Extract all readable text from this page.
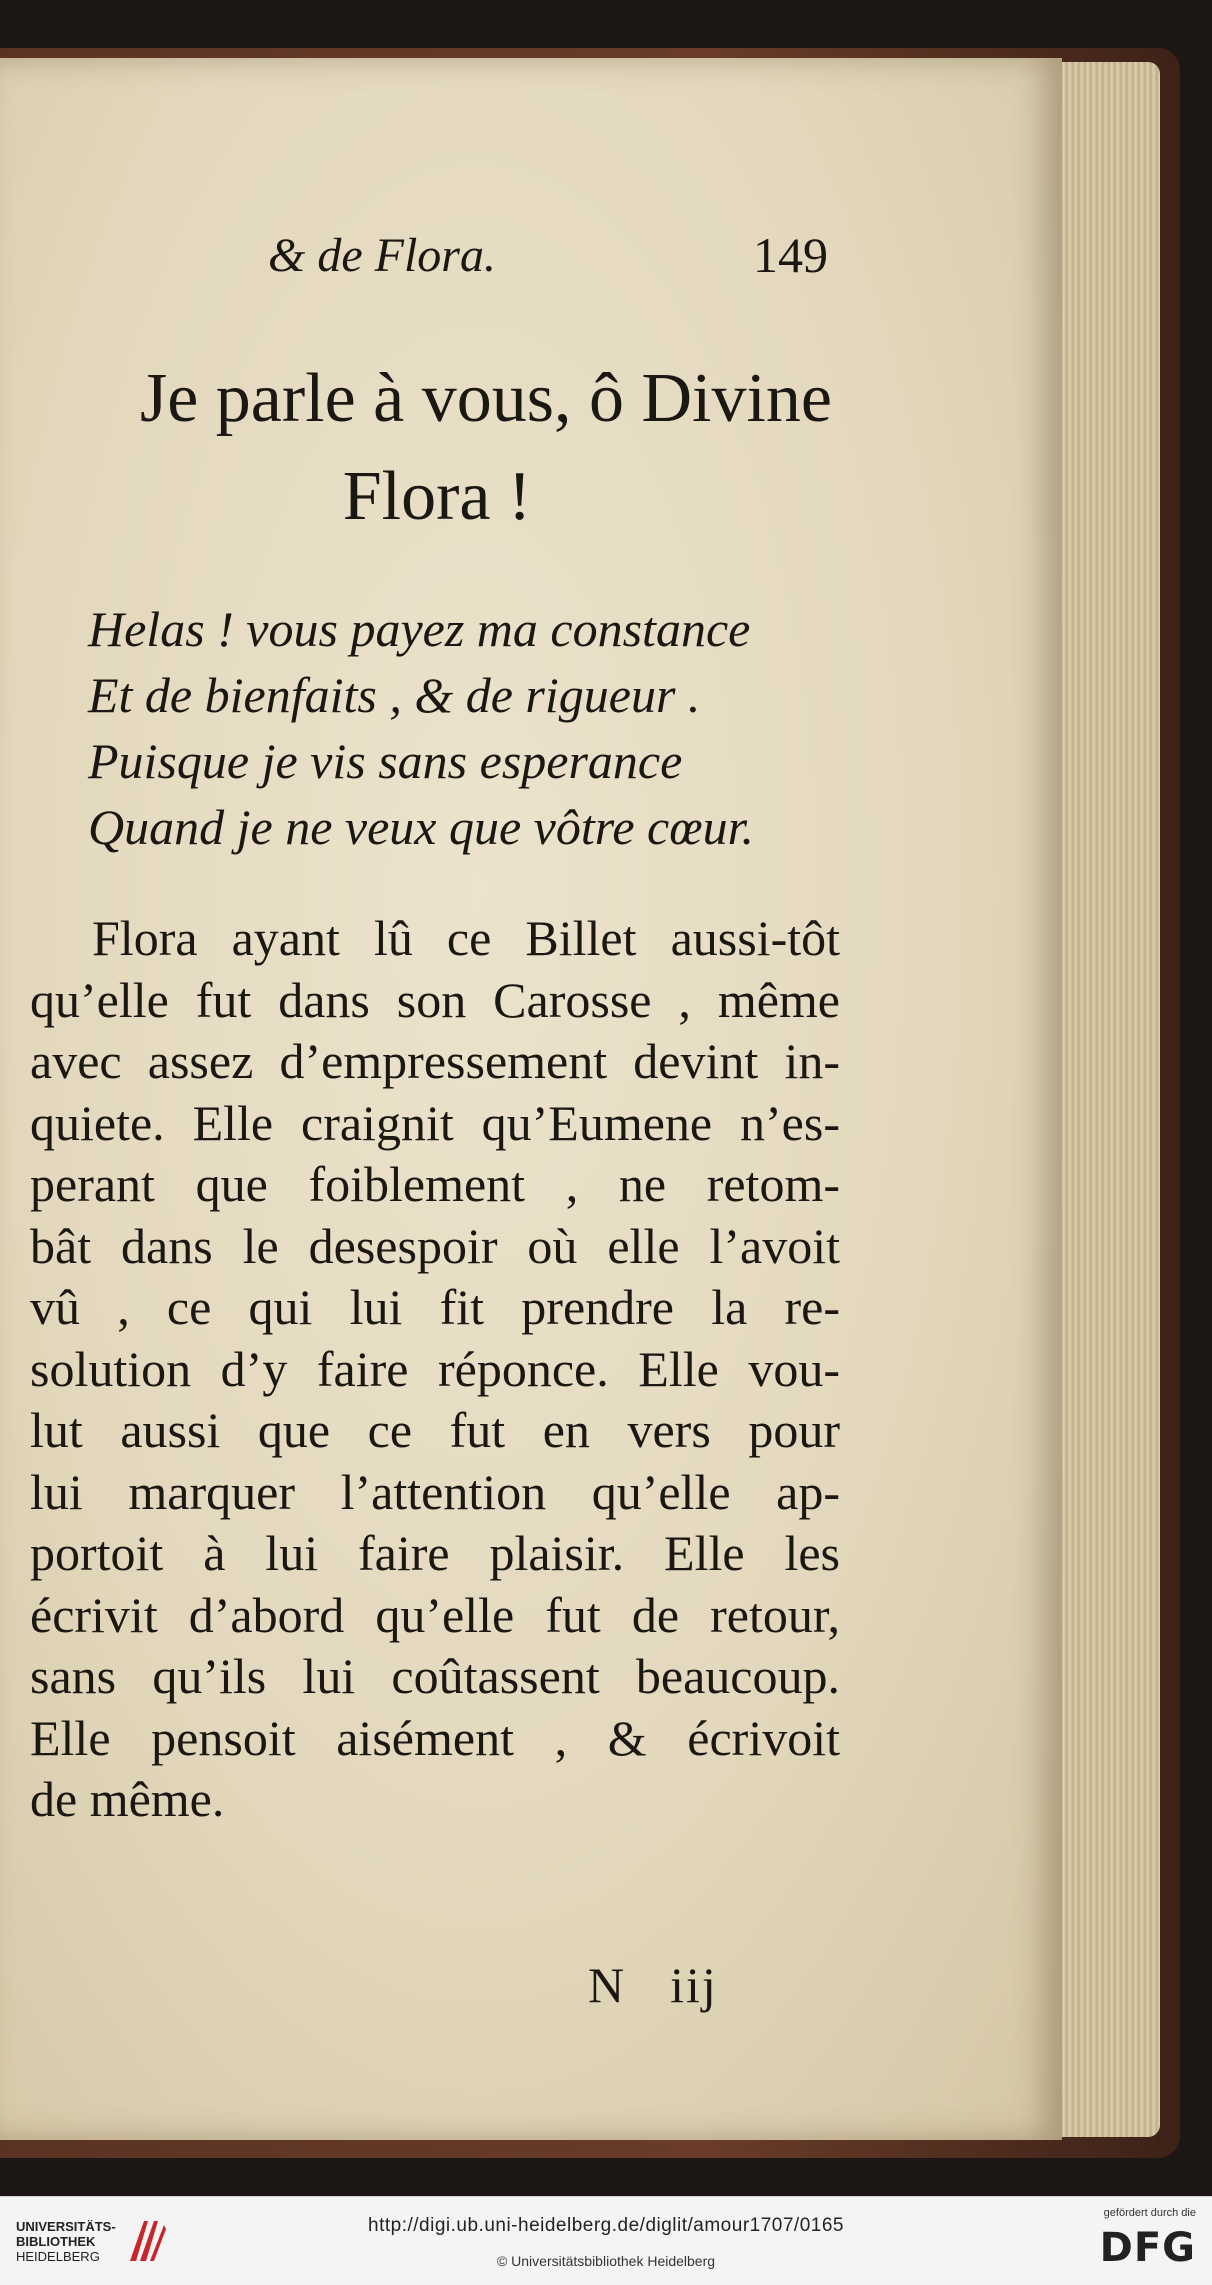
& de Flora.	149
Je parle à vous, ô Divine
Flora !
Helas ! vous payez ma constance
Et de bienfaits , & de rigueur .
Puisque je vis sans esperance
Quand je ne veux que vôtre cœur.
Flora ayant lû ce Billet aussi-tôt
qu’elle fut dans son Carosse , même
avec assez d’empressement devint in-
quiete. Elle craignit qu’Eumene n’es-
perant que foiblement , ne retom-
bât dans le desespoir où elle l’avoit
vû , ce qui lui fit prendre la re-
solution d’y faire réponce. Elle vou-
lut aussi que ce fut en vers pour
lui marquer l’attention qu’elle ap-
portoit à lui faire plaisir. Elle les
écrivit d’abord qu’elle fut de retour,
sans qu’ils lui coûtassent beaucoup.
Elle pensoit aisément , & écrivoit
de même.
N iij
UNIVERSITÄTS-
BIBLIOTHEK
HEIDELBERG
http://digi.ub.uni-heidelberg.de/diglit/amour1707/0165
© Universitätsbibliothek Heidelberg
gefördert durch die
DFG
